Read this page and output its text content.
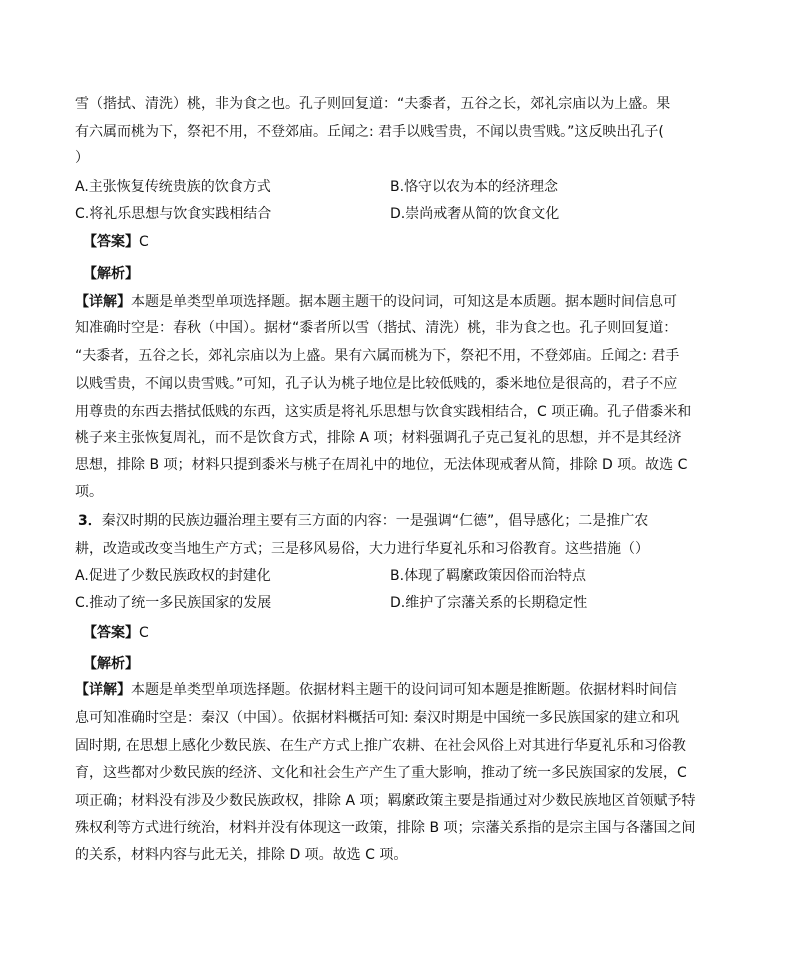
雪（揩拭、清洗）桃，非为食之也。孔子则回复道：“夫黍者，五谷之长，郊礼宗庙以为上盛。果
有六属而桃为下，祭祀不用，不登郊庙。丘闻之: 君手以贱雪贵，不闻以贵雪贱。”这反映出孔子(
）
A.主张恢复传统贵族的饮食方式	B.恪守以农为本的经济理念
C.将礼乐思想与饮食实践相结合	D.崇尚戒奢从简的饮食文化
【答案】C
【解析】
【详解】本题是单类型单项选择题。据本题主题干的设问词，可知这是本质题。据本题时间信息可
知准确时空是：春秋（中国）。据材“黍者所以雪（揩拭、清洗）桃，非为食之也。孔子则回复道：
“夫黍者，五谷之长，郊礼宗庙以为上盛。果有六属而桃为下，祭祀不用，不登郊庙。丘闻之: 君手
以贱雪贵，不闻以贵雪贱。”可知，孔子认为桃子地位是比较低贱的，黍米地位是很高的，君子不应
用尊贵的东西去揩拭低贱的东西，这实质是将礼乐思想与饮食实践相结合，C 项正确。孔子借黍米和
桃子来主张恢复周礼，而不是饮食方式，排除 A 项；材料强调孔子克己复礼的思想，并不是其经济
思想，排除 B 项；材料只提到黍米与桃子在周礼中的地位，无法体现戒奢从简，排除 D 项。故选 C
项。
3．秦汉时期的民族边疆治理主要有三方面的内容：一是强调“仁德”，倡导感化；二是推广农
耕，改造或改变当地生产方式；三是移风易俗，大力进行华夏礼乐和习俗教育。这些措施（）
A.促进了少数民族政权的封建化	B.体现了羁縻政策因俗而治特点
C.推动了统一多民族国家的发展	D.维护了宗藩关系的长期稳定性
【答案】C
【解析】
【详解】本题是单类型单项选择题。依据材料主题干的设问词可知本题是推断题。依据材料时间信
息可知准确时空是：秦汉（中国）。依据材料概括可知: 秦汉时期是中国统一多民族国家的建立和巩
固时期, 在思想上感化少数民族、在生产方式上推广农耕、在社会风俗上对其进行华夏礼乐和习俗教
育，这些都对少数民族的经济、文化和社会生产产生了重大影响，推动了统一多民族国家的发展，C
项正确；材料没有涉及少数民族政权，排除 A 项；羁縻政策主要是指通过对少数民族地区首领赋予特
殊权利等方式进行统治，材料并没有体现这一政策，排除 B 项；宗藩关系指的是宗主国与各藩国之间
的关系，材料内容与此无关，排除 D 项。故选 C 项。
